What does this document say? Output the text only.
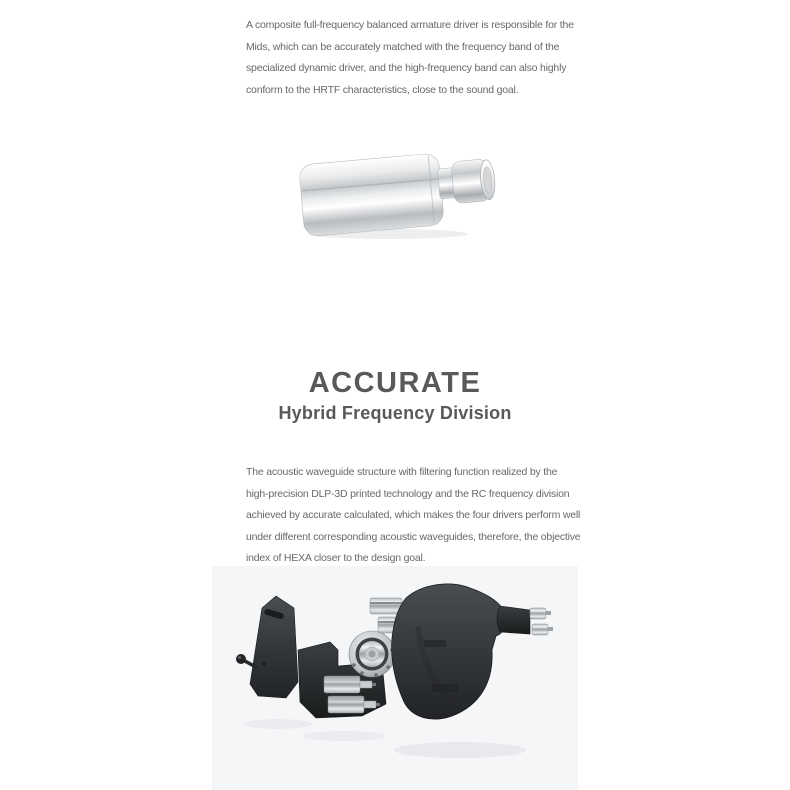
A composite full-frequency balanced armature driver is responsible for the
Mids, which can be accurately matched with the frequency band of the
specialized dynamic driver, and the high-frequency band can also highly
conform to the HRTF characteristics, close to the sound goal.
ACCURATE
Hybrid Frequency Division
The acoustic waveguide structure with filtering function realized by the
high-precision DLP-3D printed technology and the RC frequency division
achieved by accurate calculated, which makes the four drivers perform well
under different corresponding acoustic waveguides, therefore, the objective
index of HEXA closer to the design goal.
